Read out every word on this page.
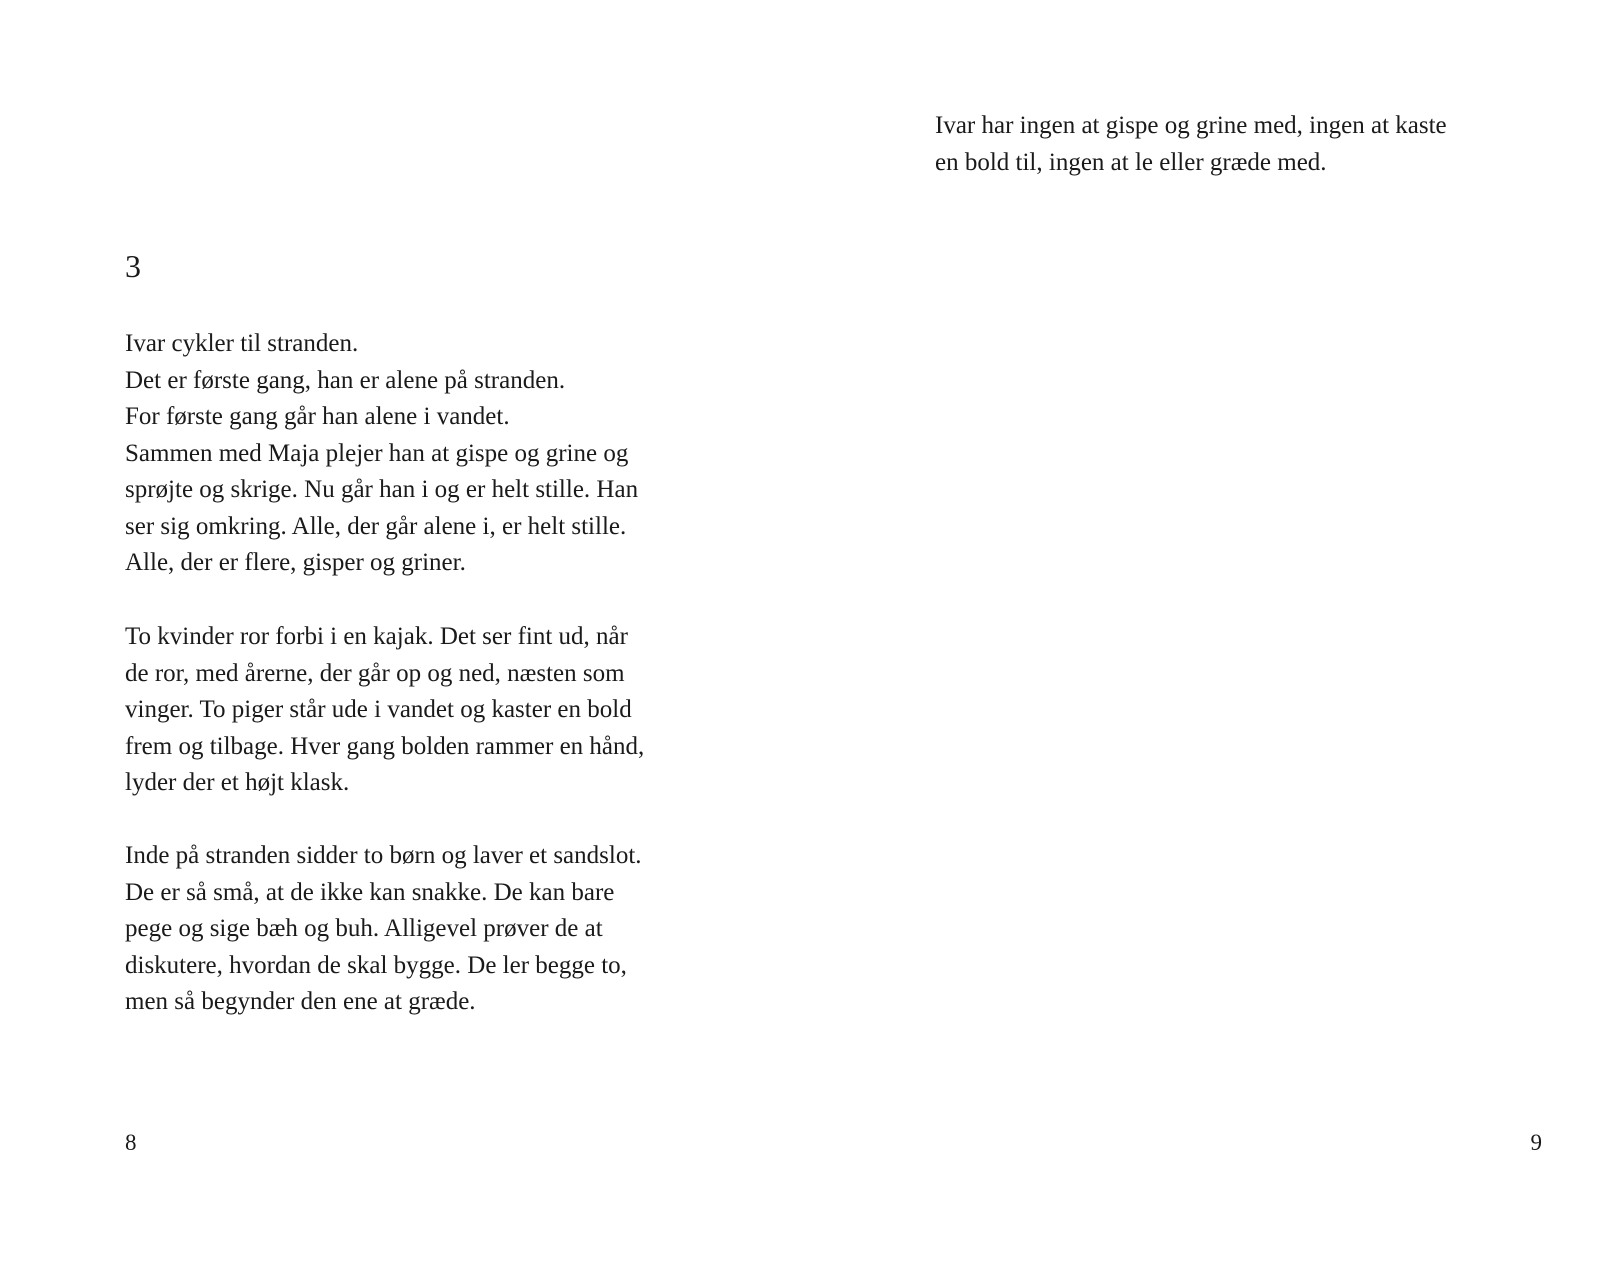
3

Ivar cykler til stranden.
Det er første gang, han er alene på stranden.
For første gang går han alene i vandet.
Sammen med Maja plejer han at gispe og grine og
sprøjte og skrige. Nu går han i og er helt stille. Han
ser sig omkring. Alle, der går alene i, er helt stille.
Alle, der er flere, gisper og griner.

To kvinder ror forbi i en kajak. Det ser fint ud, når
de ror, med årerne, der går op og ned, næsten som
vinger. To piger står ude i vandet og kaster en bold
frem og tilbage. Hver gang bolden rammer en hånd,
lyder der et højt klask.

Inde på stranden sidder to børn og laver et sandslot.
De er så små, at de ikke kan snakke. De kan bare
pege og sige bæh og buh. Alligevel prøver de at
diskutere, hvordan de skal bygge. De ler begge to,
men så begynder den ene at græde.

8

Ivar har ingen at gispe og grine med, ingen at kaste
en bold til, ingen at le eller græde med.

9
